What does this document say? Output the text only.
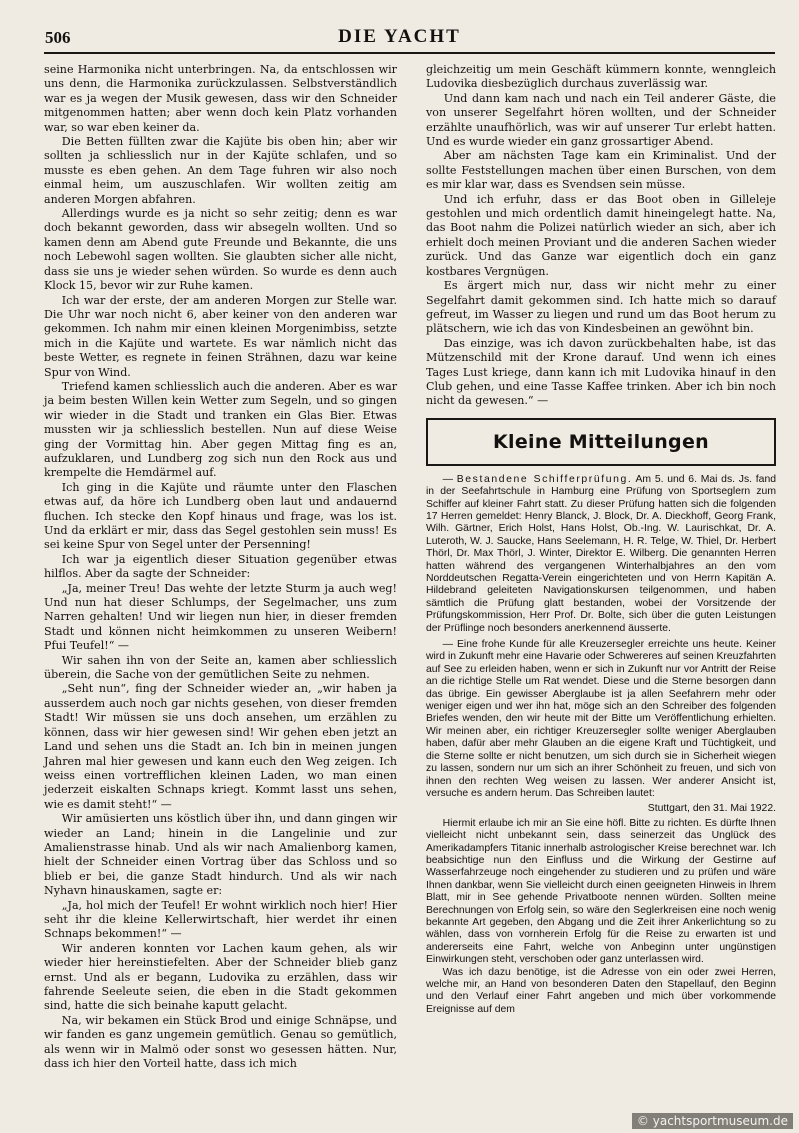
506	DIE YACHT

seine Harmonika nicht unterbringen. Na, da entschlossen wir uns denn, die Harmonika zurückzulassen. Selbstverständlich war es ja wegen der Musik gewesen, dass wir den Schneider mitgenommen hatten; aber wenn doch kein Platz vorhanden war, so war eben keiner da.

Die Betten füllten zwar die Kajüte bis oben hin; aber wir sollten ja schliesslich nur in der Kajüte schlafen, und so musste es eben gehen. An dem Tage fuhren wir also noch einmal heim, um auszuschlafen. Wir wollten zeitig am anderen Morgen abfahren.

Allerdings wurde es ja nicht so sehr zeitig; denn es war doch bekannt geworden, dass wir absegeln wollten. Und so kamen denn am Abend gute Freunde und Bekannte, die uns noch Lebewohl sagen wollten. Sie glaubten sicher alle nicht, dass sie uns je wieder sehen würden. So wurde es denn auch Klock 15, bevor wir zur Ruhe kamen.

Ich war der erste, der am anderen Morgen zur Stelle war. Die Uhr war noch nicht 6, aber keiner von den anderen war gekommen. Ich nahm mir einen kleinen Morgenimbiss, setzte mich in die Kajüte und wartete. Es war nämlich nicht das beste Wetter, es regnete in feinen Strähnen, dazu war keine Spur von Wind.

Triefend kamen schliesslich auch die anderen. Aber es war ja beim besten Willen kein Wetter zum Segeln, und so gingen wir wieder in die Stadt und tranken ein Glas Bier. Etwas mussten wir ja schliesslich bestellen. Nun auf diese Weise ging der Vormittag hin. Aber gegen Mittag fing es an, aufzuklaren, und Lundberg zog sich nun den Rock aus und krempelte die Hemdärmel auf.

Ich ging in die Kajüte und räumte unter den Flaschen etwas auf, da höre ich Lundberg oben laut und andauernd fluchen. Ich stecke den Kopf hinaus und frage, was los ist. Und da erklärt er mir, dass das Segel gestohlen sein muss! Es sei keine Spur von Segel unter der Persenning!

Ich war ja eigentlich dieser Situation gegenüber etwas hilflos. Aber da sagte der Schneider:

„Ja, meiner Treu! Das wehte der letzte Sturm ja auch weg! Und nun hat dieser Schlumps, der Segelmacher, uns zum Narren gehalten! Und wir liegen nun hier, in dieser fremden Stadt und können nicht heimkommen zu unseren Weibern! Pfui Teufel!“ —

Wir sahen ihn von der Seite an, kamen aber schliesslich überein, die Sache von der gemütlichen Seite zu nehmen.

„Seht nun“, fing der Schneider wieder an, „wir haben ja ausserdem auch noch gar nichts gesehen, von dieser fremden Stadt! Wir müssen sie uns doch ansehen, um erzählen zu können, dass wir hier gewesen sind! Wir gehen eben jetzt an Land und sehen uns die Stadt an. Ich bin in meinen jungen Jahren mal hier gewesen und kann euch den Weg zeigen. Ich weiss einen vortrefflichen kleinen Laden, wo man einen jederzeit eiskalten Schnaps kriegt. Kommt lasst uns sehen, wie es damit steht!“ —

Wir amüsierten uns köstlich über ihn, und dann gingen wir wieder an Land; hinein in die Langelinie und zur Amalienstrasse hinab. Und als wir nach Amalienborg kamen, hielt der Schneider einen Vortrag über das Schloss und so blieb er bei, die ganze Stadt hindurch. Und als wir nach Nyhavn hinauskamen, sagte er:

„Ja, hol mich der Teufel! Er wohnt wirklich noch hier! Hier seht ihr die kleine Kellerwirtschaft, hier werdet ihr einen Schnaps bekommen!“ —

Wir anderen konnten vor Lachen kaum gehen, als wir wieder hier hereinstiefelten. Aber der Schneider blieb ganz ernst. Und als er begann, Ludovika zu erzählen, dass wir fahrende Seeleute seien, die eben in die Stadt gekommen sind, hatte die sich beinahe kaputt gelacht.

Na, wir bekamen ein Stück Brod und einige Schnäpse, und wir fanden es ganz ungemein gemütlich. Genau so gemütlich, als wenn wir in Malmö oder sonst wo gesessen hätten. Nur, dass ich hier den Vorteil hatte, dass ich mich

gleichzeitig um mein Geschäft kümmern konnte, wenngleich Ludovika diesbezüglich durchaus zuverlässig war.

Und dann kam nach und nach ein Teil anderer Gäste, die von unserer Segelfahrt hören wollten, und der Schneider erzählte unaufhörlich, was wir auf unserer Tur erlebt hatten. Und es wurde wieder ein ganz grossartiger Abend.

Aber am nächsten Tage kam ein Kriminalist. Und der sollte Feststellungen machen über einen Burschen, von dem es mir klar war, dass es Svendsen sein müsse.

Und ich erfuhr, dass er das Boot oben in Gilleleje gestohlen und mich ordentlich damit hineingelegt hatte. Na, das Boot nahm die Polizei natürlich wieder an sich, aber ich erhielt doch meinen Proviant und die anderen Sachen wieder zurück. Und das Ganze war eigentlich doch ein ganz kostbares Vergnügen.

Es ärgert mich nur, dass wir nicht mehr zu einer Segelfahrt damit gekommen sind. Ich hatte mich so darauf gefreut, im Wasser zu liegen und rund um das Boot herum zu plätschern, wie ich das von Kindesbeinen an gewöhnt bin.

Das einzige, was ich davon zurückbehalten habe, ist das Mützenschild mit der Krone darauf. Und wenn ich eines Tages Lust kriege, dann kann ich mit Ludovika hinauf in den Club gehen, und eine Tasse Kaffee trinken. Aber ich bin noch nicht da gewesen.“ —

Kleine Mitteilungen

— Bestandene Schifferprüfung. Am 5. und 6. Mai ds. Js. fand in der Seefahrtschule in Hamburg eine Prüfung von Sportseglern zum Schiffer auf kleiner Fahrt statt. Zu dieser Prüfung hatten sich die folgenden 17 Herren gemeldet: Henry Blanck, J. Block, Dr. A. Dieckhoff, Georg Frank, Wilh. Gärtner, Erich Holst, Hans Holst, Ob.-Ing. W. Laurischkat, Dr. A. Luteroth, W. J. Saucke, Hans Seelemann, H. R. Telge, W. Thiel, Dr. Herbert Thörl, Dr. Max Thörl, J. Winter, Direktor E. Wilberg. Die genannten Herren hatten während des vergangenen Winterhalbjahres an den vom Norddeutschen Regatta-Verein eingerichteten und von Herrn Kapitän A. Hildebrand geleiteten Navigationskursen teilgenommen, und haben sämtlich die Prüfung glatt bestanden, wobei der Vorsitzende der Prüfungskommission, Herr Prof. Dr. Bolte, sich über die guten Leistungen der Prüflinge noch besonders anerkennend äusserte.

— Eine frohe Kunde für alle Kreuzersegler erreichte uns heute. Keiner wird in Zukunft mehr eine Havarie oder Schwereres auf seinen Kreuzfahrten auf See zu erleiden haben, wenn er sich in Zukunft nur vor Antritt der Reise an die richtige Stelle um Rat wendet. Diese und die Sterne besorgen dann das übrige. Ein gewisser Aberglaube ist ja allen Seefahrern mehr oder weniger eigen und wer ihn hat, möge sich an den Schreiber des folgenden Briefes wenden, den wir heute mit der Bitte um Veröffentlichung erhielten. Wir meinen aber, ein richtiger Kreuzersegler sollte weniger Aberglauben haben, dafür aber mehr Glauben an die eigene Kraft und Tüchtigkeit, und die Sterne sollte er nicht benutzen, um sich durch sie in Sicherheit wiegen zu lassen, sondern nur um sich an ihrer Schönheit zu freuen, und sich von ihnen den rechten Weg weisen zu lassen. Wer anderer Ansicht ist, versuche es andern herum. Das Schreiben lautet:

Stuttgart, den 31. Mai 1922.

Hiermit erlaube ich mir an Sie eine höfl. Bitte zu richten. Es dürfte Ihnen vielleicht nicht unbekannt sein, dass seinerzeit das Unglück des Amerikadampfers Titanic innerhalb astrologischer Kreise berechnet war. Ich beabsichtige nun den Einfluss und die Wirkung der Gestirne auf Wasserfahrzeuge noch eingehender zu studieren und zu prüfen und wäre Ihnen dankbar, wenn Sie vielleicht durch einen geeigneten Hinweis in Ihrem Blatt, mir in See gehende Privatboote nennen würden. Sollten meine Berechnungen von Erfolg sein, so wäre den Seglerkreisen eine noch wenig bekannte Art gegeben, den Abgang und die Zeit ihrer Ankerlichtung so zu wählen, dass von vornherein Erfolg für die Reise zu erwarten ist und andererseits eine Fahrt, welche von Anbeginn unter ungünstigen Einwirkungen steht, verschoben oder ganz unterlassen wird.

Was ich dazu benötige, ist die Adresse von ein oder zwei Herren, welche mir, an Hand von besonderen Daten den Stapellauf, den Beginn und den Verlauf einer Fahrt angeben und mich über vorkommende Ereignisse auf dem

© yachtsportmuseum.de
